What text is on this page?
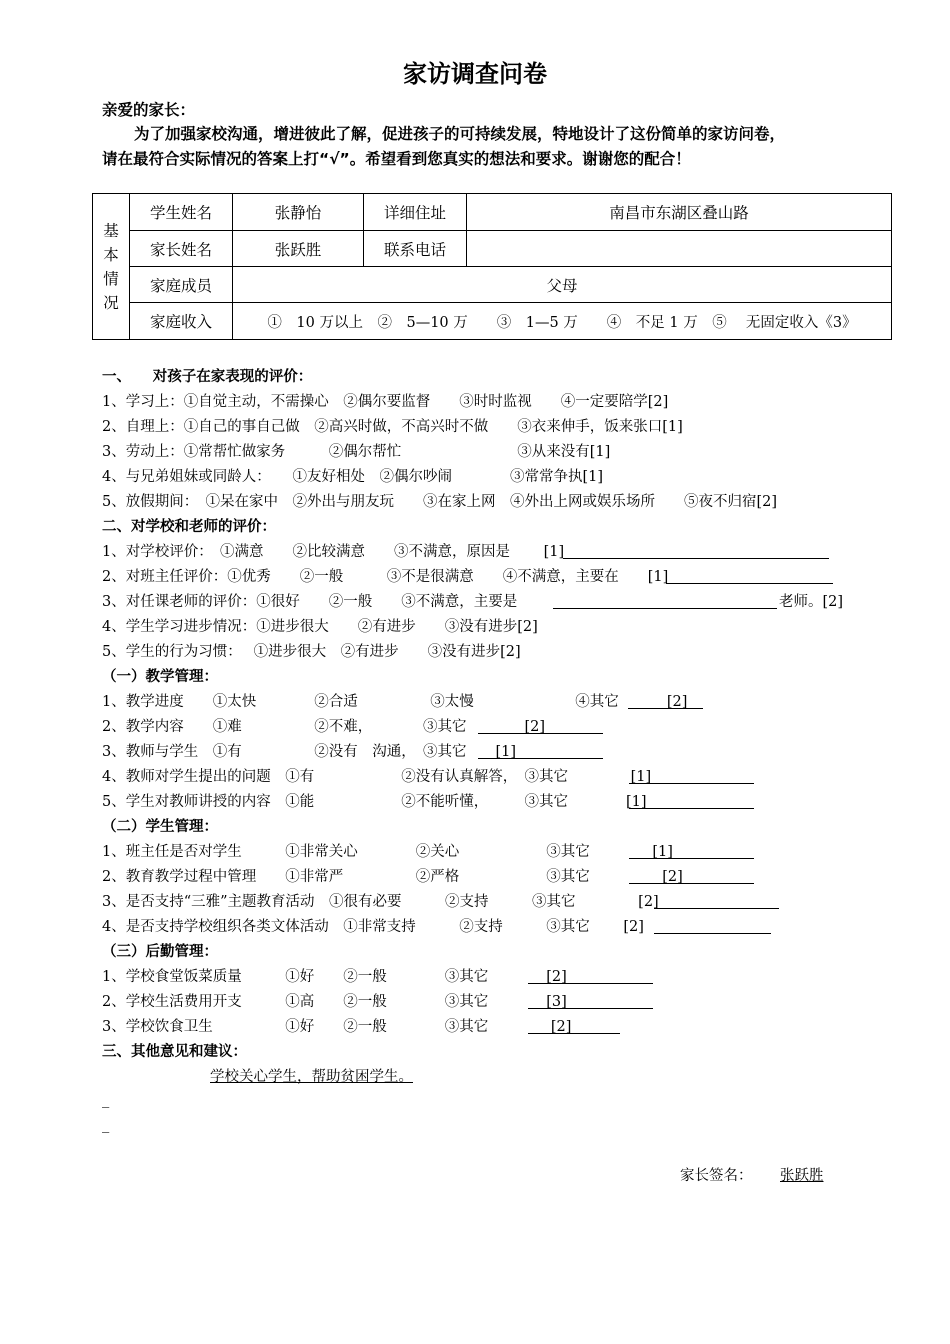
家访调查问卷
亲爱的家长：
为了加强家校沟通，增进彼此了解，促进孩子的可持续发展，特地设计了这份简单的家访问卷，
请在最符合实际情况的答案上打“√”。希望看到您真实的想法和要求。谢谢您的配合！
基
本
情
况	学生姓名	张静怡	详细住址	南昌市东湖区叠山路
	家长姓名	张跃胜	联系电话	
	家庭成员	父母		
	家庭收入	①　10 万以上　②　5—10 万　　③　1—5 万　　④　不足 1 万　⑤　 无固定收入《3》		
一、　　对孩子在家表现的评价：
1、学习上：①自觉主动，不需操心　②偶尔要监督　　③时时监视　　④一定要陪学[2]
2、自理上：①自己的事自己做　②高兴时做，不高兴时不做　　③衣来伸手，饭来张口[1]
3、劳动上：①常帮忙做家务　　　②偶尔帮忙　　　　　　　　③从来没有[1]
4、与兄弟姐妹或同龄人：　　①友好相处　②偶尔吵闹　　　　③常常争执[1]
5、放假期间：　①呆在家中　②外出与朋友玩　　③在家上网　④外出上网或娱乐场所　　⑤夜不归宿[2]
二、对学校和老师的评价：
1、对学校评价：　①满意　　②比较满意　　③不满意，原因是　　 [1]
2、对班主任评价：①优秀　　②一般　　　③不是很满意　　④不满意，主要在　　[1]
3、对任课老师的评价：①很好　　②一般　　③不满意，主要是	老师。[2]
4、学生学习进步情况：①进步很大　　②有进步　　③没有进步[2]
5、学生的行为习惯：　 ①进步很大　②有进步　　③没有进步[2]
（一）教学管理：
1、教学进度　　①太快　　　　②合适　　　　　③太慢　　　　　　　④其它　　　 [2]
2、教学内容　　①难　　　　　②不难，　　　　③其它　　　　[2]
3、教师与学生　①有　　　　　②没有　沟通，　③其它　　[1]
4、教师对学生提出的问题　①有　　　　　　②没有认真解答，　③其它　　　　 [1]
5、学生对教师讲授的内容　①能　　　　　　②不能听懂，　　　③其它　　　　[1]
（二）学生管理：
1、班主任是否对学生　　　①非常关心　　　　②关心　　　　　　③其它　　　　 [1]
2、教育教学过程中管理　　①非常严　　　　　②严格　　　　　　③其它　　　　　[2]
3、是否支持“三雅”主题教育活动　①很有必要　　　②支持　　　③其它　　　　 [2]
4、是否支持学校组织各类文体活动　①非常支持　　　②支持　　　③其它　　 [2]
（三）后勤管理：
1、学校食堂饭菜质量　　　①好　　②一般　　　　③其它　　　　[2]
2、学校生活费用开支　　　①高　　②一般　　　　③其它　　　　[3]
3、学校饮食卫生　　　　　①好　　②一般　　　　③其它　　　　 [2]
三、其他意见和建议：
学校关心学生，帮助贫困学生。
_
_
家长签名：	张跃胜
